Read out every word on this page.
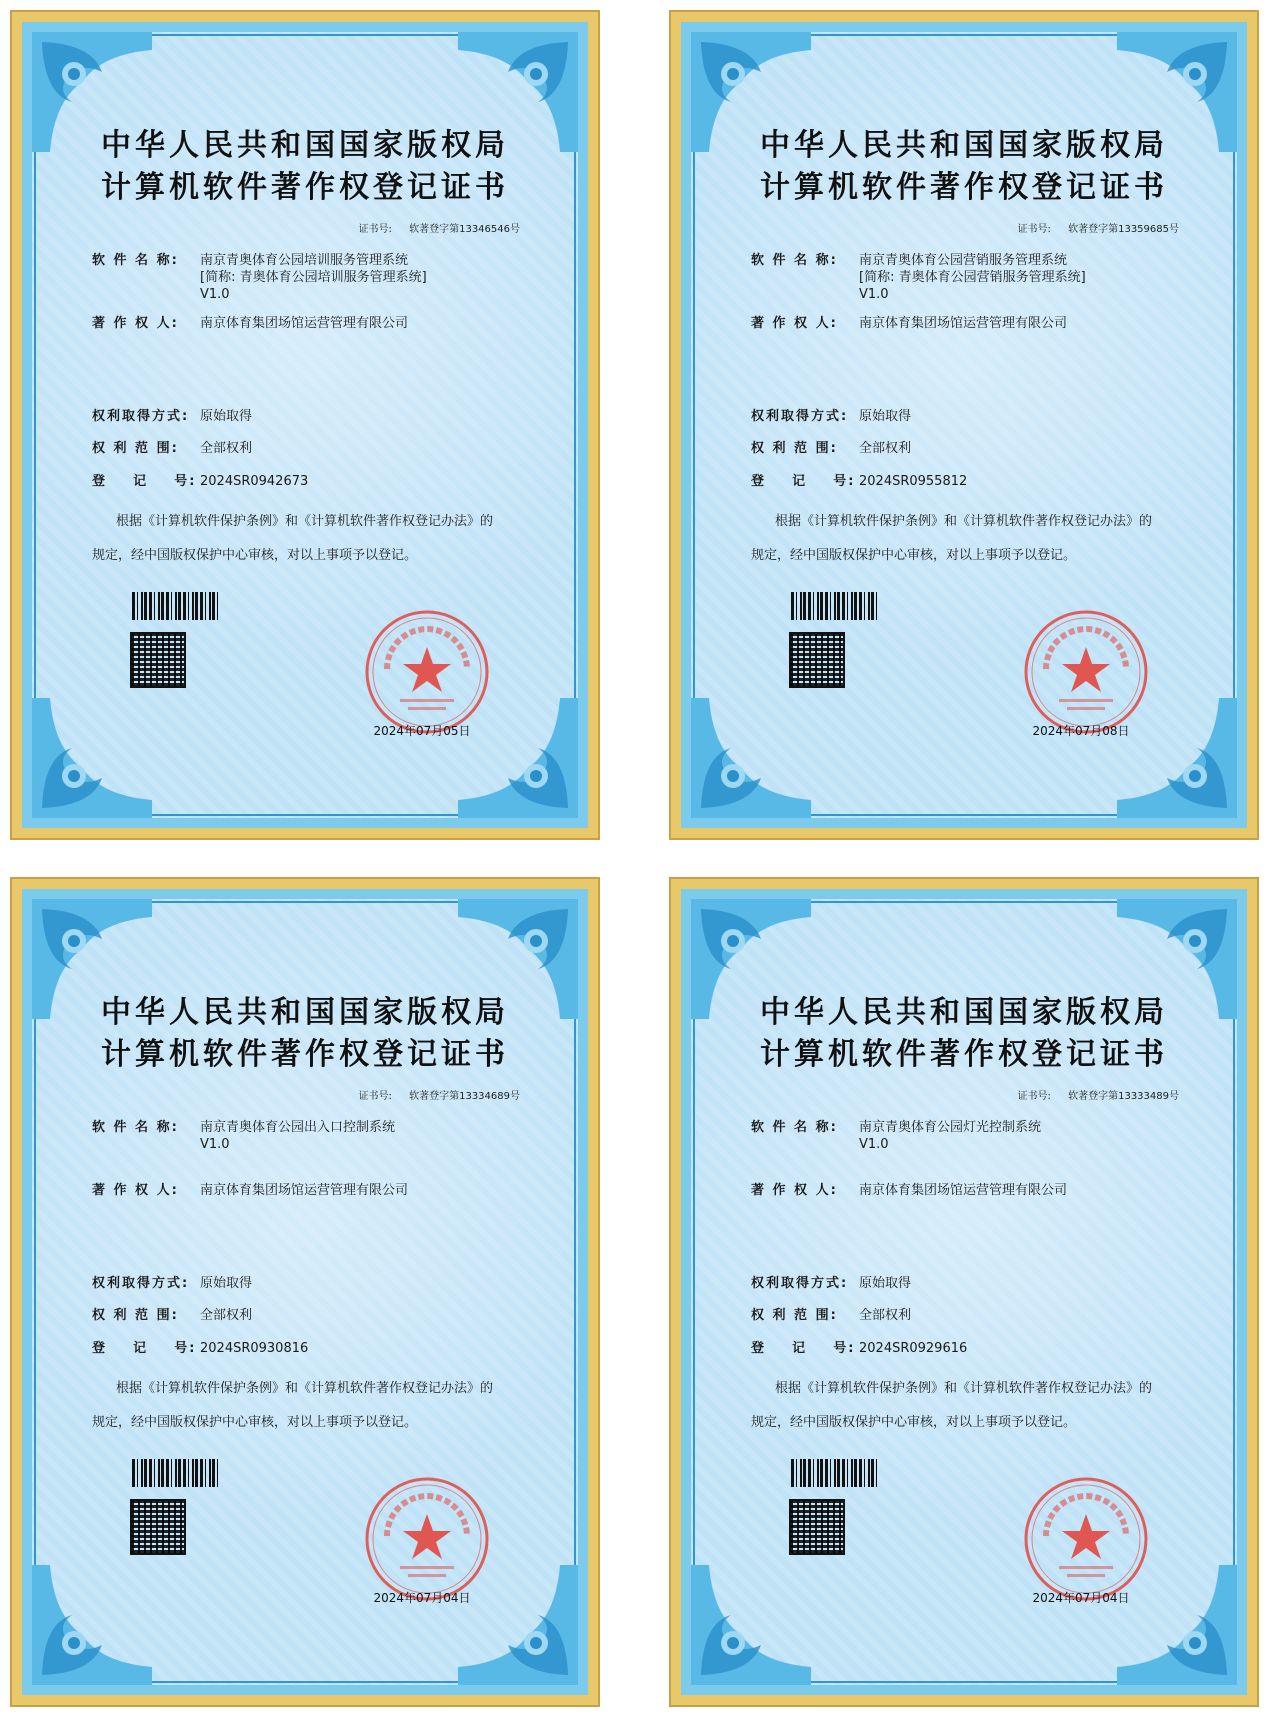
中华人民共和国国家版权局
计算机软件著作权登记证书
证书号: 软著登字第13346546号
软 件 名 称:	南京青奥体育公园培训服务管理系统
[简称: 青奥体育公园培训服务管理系统]
V1.0
著 作 权 人:	南京体育集团场馆运营管理有限公司
权利取得方式: 原始取得
权 利 范 围:	全部权利
登    记    号: 2024SR0942673
根据《计算机软件保护条例》和《计算机软件著作权登记办法》的
规定，经中国版权保护中心审核，对以上事项予以登记。
2024年07月05日
中华人民共和国国家版权局
计算机软件著作权登记证书
证书号: 软著登字第13359685号
软 件 名 称:	南京青奥体育公园营销服务管理系统
[简称: 青奥体育公园营销服务管理系统]
V1.0
著 作 权 人:	南京体育集团场馆运营管理有限公司
权利取得方式: 原始取得
权 利 范 围:	全部权利
登    记    号: 2024SR0955812
根据《计算机软件保护条例》和《计算机软件著作权登记办法》的
规定，经中国版权保护中心审核，对以上事项予以登记。
2024年07月08日
中华人民共和国国家版权局
计算机软件著作权登记证书
证书号: 软著登字第13334689号
软 件 名 称:	南京青奥体育公园出入口控制系统
V1.0
著 作 权 人:	南京体育集团场馆运营管理有限公司
权利取得方式: 原始取得
权 利 范 围:	全部权利
登    记    号: 2024SR0930816
根据《计算机软件保护条例》和《计算机软件著作权登记办法》的
规定，经中国版权保护中心审核，对以上事项予以登记。
2024年07月04日
中华人民共和国国家版权局
计算机软件著作权登记证书
证书号: 软著登字第13333489号
软 件 名 称:	南京青奥体育公园灯光控制系统
V1.0
著 作 权 人:	南京体育集团场馆运营管理有限公司
权利取得方式: 原始取得
权 利 范 围:	全部权利
登    记    号: 2024SR0929616
根据《计算机软件保护条例》和《计算机软件著作权登记办法》的
规定，经中国版权保护中心审核，对以上事项予以登记。
2024年07月04日
